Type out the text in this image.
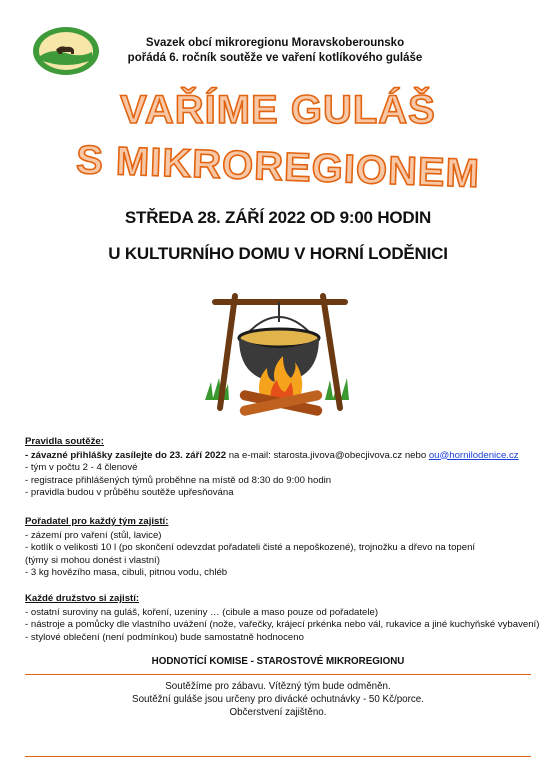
Svazek obcí mikroregionu Moravskoberounsko
pořádá 6. ročník soutěže ve vaření kotlíkového guláše
VAŘÍME GULÁŠ
S MIKROREGIONEM
STŘEDA 28. ZÁŘÍ 2022 OD 9:00 HODIN
U KULTURNÍHO DOMU V HORNÍ LODĚNICI
Pravidla soutěže:
- závazné přihlášky zasílejte do 23. září 2022 na e-mail: starosta.jivova@obecjivova.cz nebo ou@hornilodenice.cz
- tým v počtu 2 - 4 členové
- registrace přihlášených týmů proběhne na místě od 8:30 do 9:00 hodin
- pravidla budou v průběhu soutěže upřesňována
Pořadatel pro každý tým zajistí:
- zázemí pro vaření (stůl, lavice)
- kotlík o velikosti 10 l (po skončení odevzdat pořadateli čisté a nepoškozené), trojnožku a dřevo na topení
(týmy si mohou donést i vlastní)
- 3 kg hovězího masa, cibuli, pitnou vodu, chléb
Každé družstvo si zajistí:
- ostatní suroviny na guláš, koření, uzeniny … (cibule a maso pouze od pořadatele)
- nástroje a pomůcky dle vlastního uvážení (nože, vařečky, krájecí prkénka nebo vál, rukavice a jiné kuchyňské vybavení)
- stylové oblečení (není podmínkou) bude samostatně hodnoceno
HODNOTÍCÍ KOMISE - STAROSTOVÉ MIKROREGIONU
Soutěžíme pro zábavu. Vítězný tým bude odměněn.
Soutěžní guláše jsou určeny pro divácké ochutnávky - 50 Kč/porce.
Občerstvení zajištěno.
